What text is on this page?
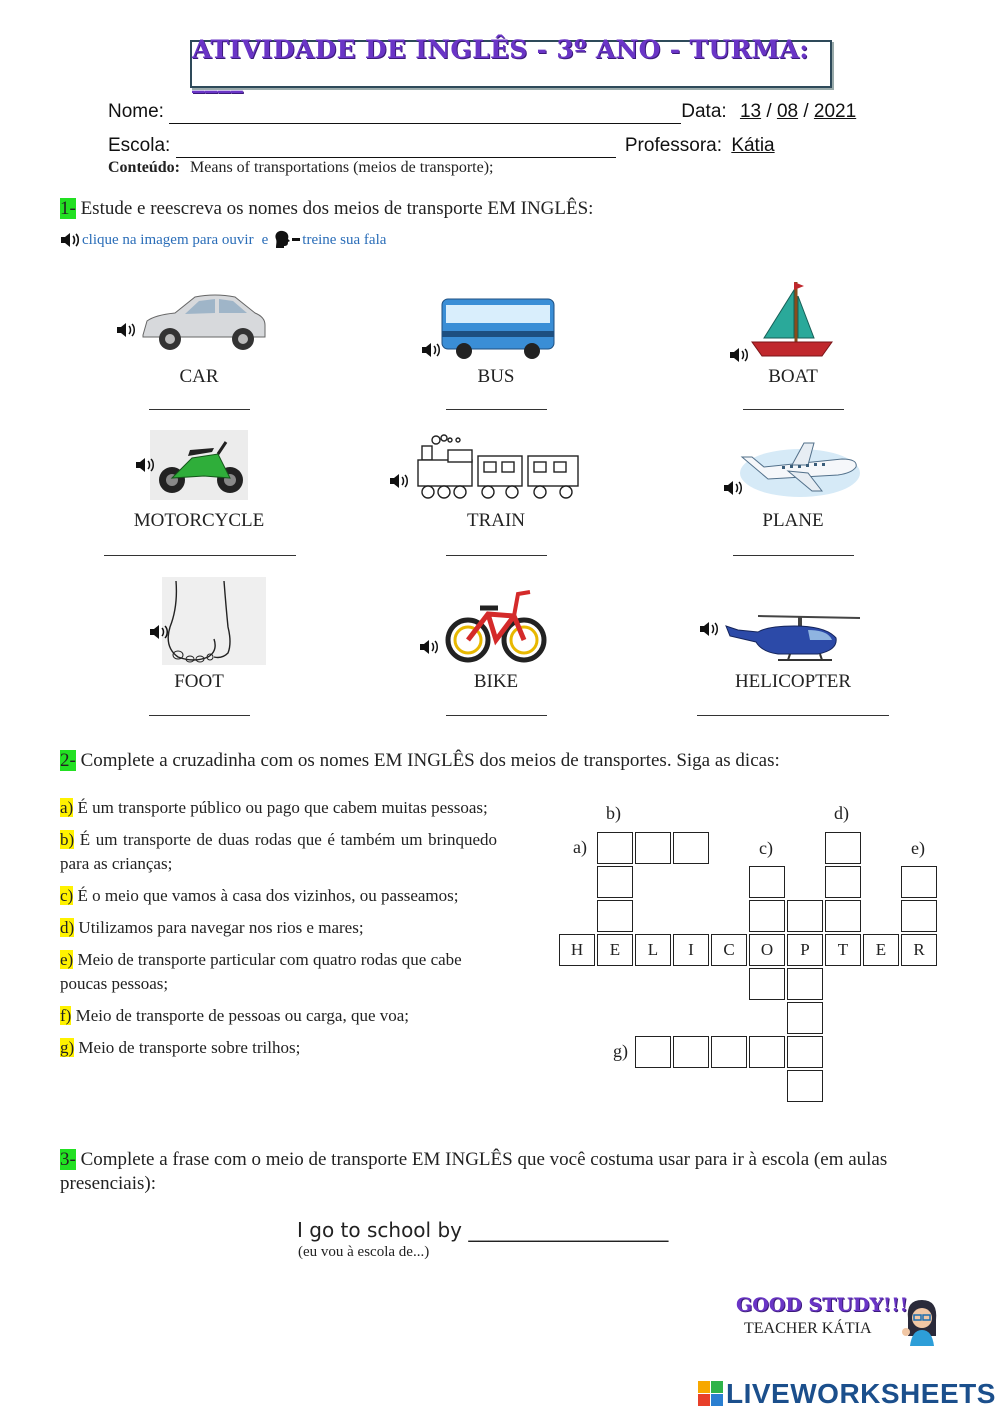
ATIVIDADE DE INGLÊS - 3º ANO - TURMA: ____
Nome:	Data: 13 / 08 / 2021
Escola:	Professora: Kátia
Conteúdo: Means of transportations (meios de transporte);
1- Estude e reescreva os nomes dos meios de transporte EM INGLÊS:
clique na imagem para ouvir e treine sua fala
CAR	BUS	BOAT
MOTORCYCLE	TRAIN	PLANE
FOOT	BIKE	HELICOPTER
2- Complete a cruzadinha com os nomes EM INGLÊS dos meios de transportes. Siga as dicas:
a) É um transporte público ou pago que cabem muitas pessoas;
b) É um transporte de duas rodas que é também um brinquedo para as crianças;
c) É o meio que vamos à casa dos vizinhos, ou passeamos;
d) Utilizamos para navegar nos rios e mares;
e) Meio de transporte particular com quatro rodas que cabe poucas pessoas;
f) Meio de transporte de pessoas ou carga, que voa;
g) Meio de transporte sobre trilhos;
b)	d)
a)	c)	e)
g)
H	E	L	I	C	O	P	T	E	R
3- Complete a frase com o meio de transporte EM INGLÊS que você costuma usar para ir à escola (em aulas presenciais):
I go to school by ____________________
(eu vou à escola de...)
GOOD STUDY!!!
TEACHER KÁTIA
LIVEWORKSHEETS
